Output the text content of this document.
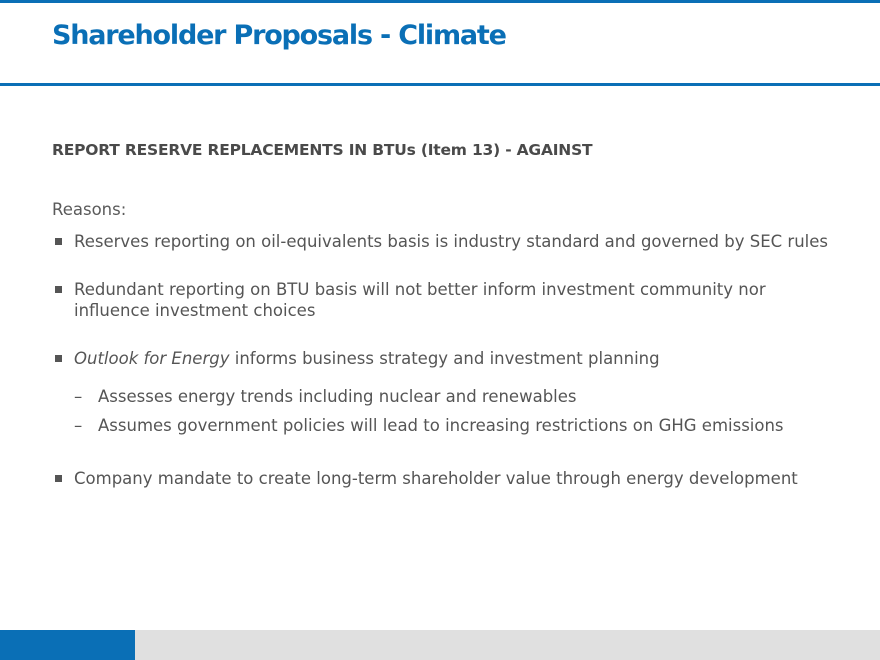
Shareholder Proposals - Climate
REPORT RESERVE REPLACEMENTS IN BTUs (Item 13) - AGAINST

Reasons:

Reserves reporting on oil-equivalents basis is industry standard and governed by SEC rules
Redundant reporting on BTU basis will not better inform investment community nor influence investment choices
Outlook for Energy informs business strategy and investment planning
– Assesses energy trends including nuclear and renewables
– Assumes government policies will lead to increasing restrictions on GHG emissions
Company mandate to create long-term shareholder value through energy development
